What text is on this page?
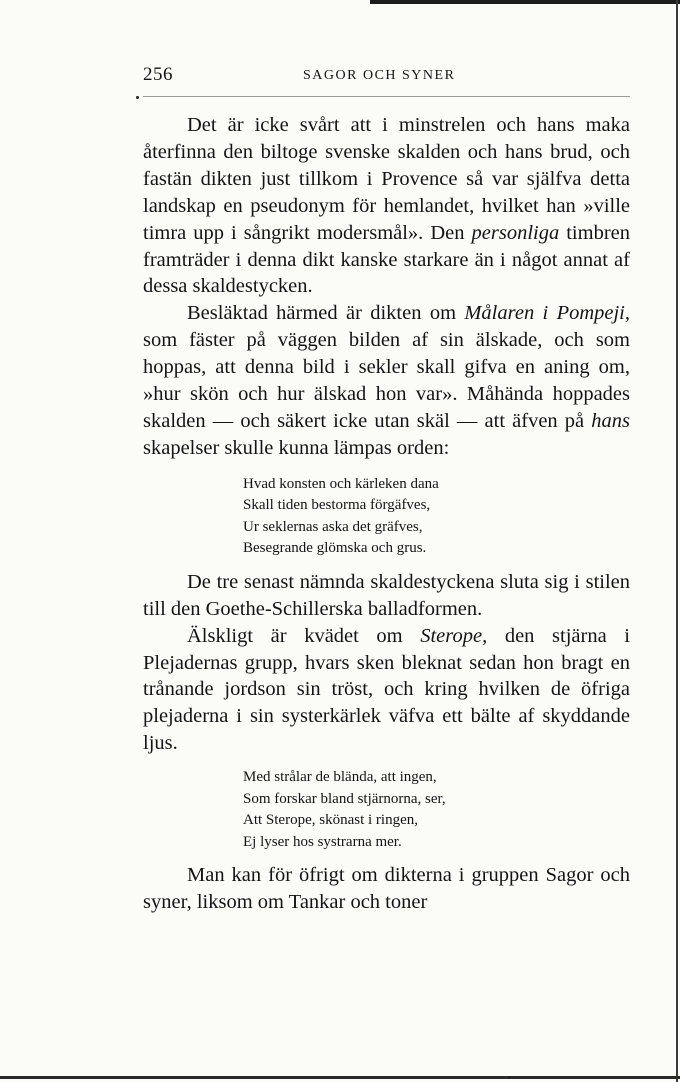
256	SAGOR OCH SYNER

Det är icke svårt att i minstrelen och hans maka återfinna den biltoge svenske skalden och hans brud, och fastän dikten just tillkom i Provence så var själfva detta landskap en pseudonym för hemlandet, hvilket han »ville timra upp i sångrikt modersmål». Den personliga timbren framträder i denna dikt kanske starkare än i något annat af dessa skaldestycken.

Besläktad härmed är dikten om Målaren i Pompeji, som fäster på väggen bilden af sin älskade, och som hoppas, att denna bild i sekler skall gifva en aning om, »hur skön och hur älskad hon var». Måhända hoppades skalden — och säkert icke utan skäl — att äfven på hans skapelser skulle kunna lämpas orden:

Hvad konsten och kärleken dana
Skall tiden bestorma förgäfves,
Ur seklernas aska det gräfves,
Besegrande glömska och grus.

De tre senast nämnda skaldestyckena sluta sig i stilen till den Goethe-Schillerska balladformen.

Älskligt är kvädet om Sterope, den stjärna i Plejadernas grupp, hvars sken bleknat sedan hon bragt en trånande jordson sin tröst, och kring hvilken de öfriga plejaderna i sin systerkärlek väfva ett bälte af skyddande ljus.

Med strålar de blända, att ingen,
Som forskar bland stjärnorna, ser,
Att Sterope, skönast i ringen,
Ej lyser hos systrarna mer.

Man kan för öfrigt om dikterna i gruppen Sagor och syner, liksom om Tankar och toner
